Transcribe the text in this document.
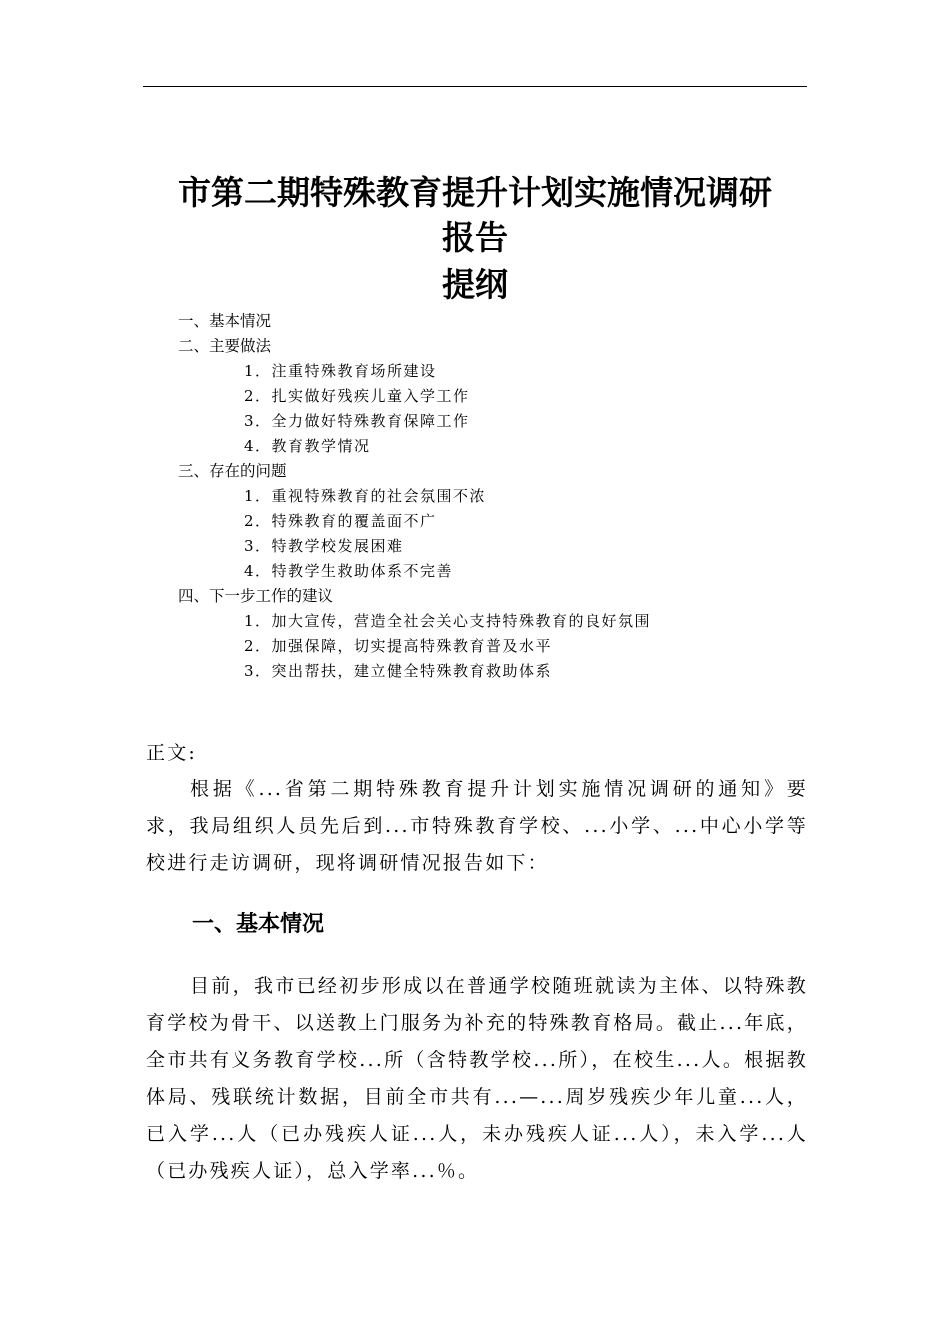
市第二期特殊教育提升计划实施情况调研
报告
提纲
一、基本情况
二、主要做法
1．注重特殊教育场所建设
2．扎实做好残疾儿童入学工作
3．全力做好特殊教育保障工作
4．教育教学情况
三、存在的问题
1．重视特殊教育的社会氛围不浓
2．特殊教育的覆盖面不广
3．特教学校发展困难
4．特教学生救助体系不完善
四、下一步工作的建议
1．加大宣传，营造全社会关心支持特殊教育的良好氛围
2．加强保障，切实提高特殊教育普及水平
3．突出帮扶，建立健全特殊教育救助体系

正文:

根据《...省第二期特殊教育提升计划实施情况调研的通知》要求，我局组织人员先后到...市特殊教育学校、...小学、...中心小学等校进行走访调研，现将调研情况报告如下：

一、基本情况

目前，我市已经初步形成以在普通学校随班就读为主体、以特殊教育学校为骨干、以送教上门服务为补充的特殊教育格局。截止...年底，全市共有义务教育学校...所（含特教学校...所），在校生...人。根据教体局、残联统计数据，目前全市共有...—...周岁残疾少年儿童...人，已入学...人（已办残疾人证...人，未办残疾人证...人），未入学...人（已办残疾人证），总入学率...％。
